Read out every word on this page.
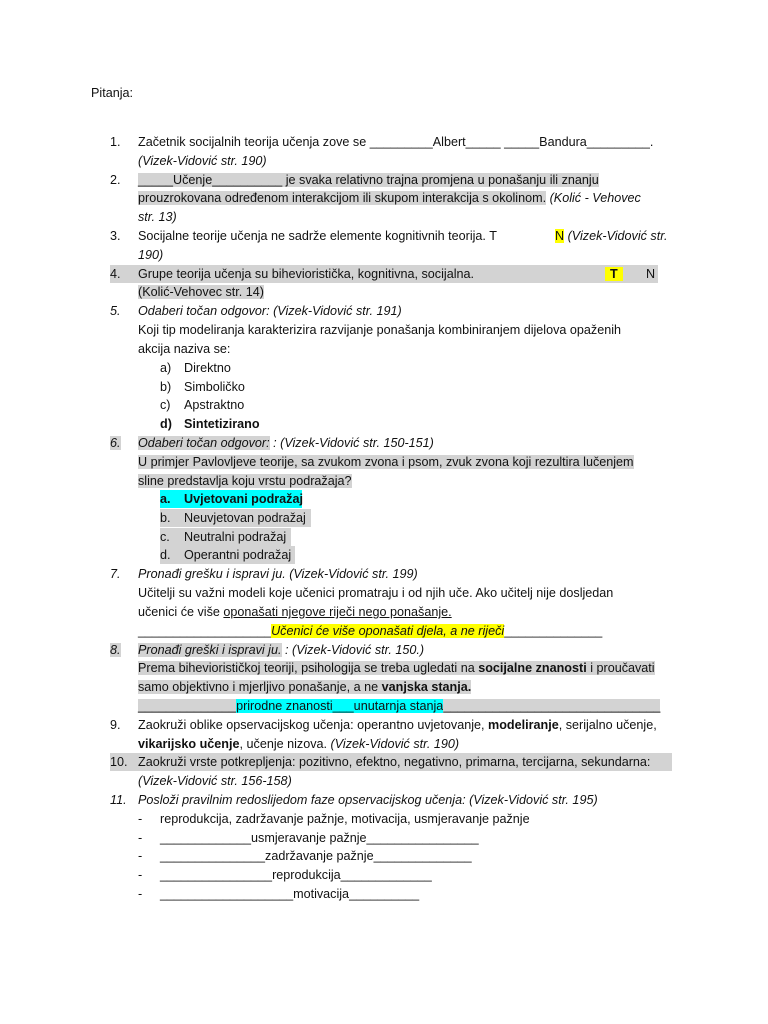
Pitanja:
1.	Začetnik socijalnih teorija učenja zove se _________Albert_____ _____Bandura_________.
(Vizek-Vidović str. 190)
2.	_____Učenje__________ je svaka relativno trajna promjena u ponašanju ili znanju
prouzrokovana određenom interakcijom ili skupom interakcija s okolinom. (Kolić - Vehovec
str. 13)
3.	Socijalne teorije učenja ne sadrže elemente kognitivnih teorija. T	N (Vizek-Vidović str.
190)
4.	Grupe teorija učenja su bihevioristička, kognitivna, socijalna.	T	N
(Kolić-Vehovec str. 14)
5.	Odaberi točan odgovor: (Vizek-Vidović str. 191)
Koji tip modeliranja karakterizira razvijanje ponašanja kombiniranjem dijelova opaženih
akcija naziva se:
a) Direktno
b) Simboličko
c) Apstraktno
d) Sintetizirano
6.	Odaberi točan odgovor: : (Vizek-Vidović str. 150-151)
U primjer Pavlovljeve teorije, sa zvukom zvona i psom, zvuk zvona koji rezultira lučenjem
sline predstavlja koju vrstu podražaja?
a. Uvjetovani podražaj
b. Neuvjetovan podražaj
c. Neutralni podražaj
d. Operantni podražaj
7.	Pronađi grešku i ispravi ju. (Vizek-Vidović str. 199)
Učitelji su važni modeli koje učenici promatraju i od njih uče. Ako učitelj nije dosljedan
učenici će više oponašati njegove riječi nego ponašanje.
___________________Učenici će više oponašati djela, a ne riječi______________
8.	Pronađi greški i ispravi ju. : (Vizek-Vidović str. 150.)
Prema biheviorističkoj teoriji, psihologija se treba ugledati na socijalne znanosti i proučavati
samo objektivno i mjerljivo ponašanje, a ne vanjska stanja.
______________prirodne znanosti___unutarnja stanja_______________________________
9.	Zaokruži oblike opservacijskog učenja: operantno uvjetovanje, modeliranje, serijalno učenje,
vikarijsko učenje, učenje nizova. (Vizek-Vidović str. 190)
10. Zaokruži vrste potkrepljenja: pozitivno, efektno, negativno, primarna, tercijarna, sekundarna:
(Vizek-Vidović str. 156-158)
11. Posloži pravilnim redoslijedom faze opservacijskog učenja: (Vizek-Vidović str. 195)
- reprodukcija, zadržavanje pažnje, motivacija, usmjeravanje pažnje
- _____________usmjeravanje pažnje________________
- _______________zadržavanje pažnje______________
- ________________reprodukcija_____________
- ___________________motivacija__________
